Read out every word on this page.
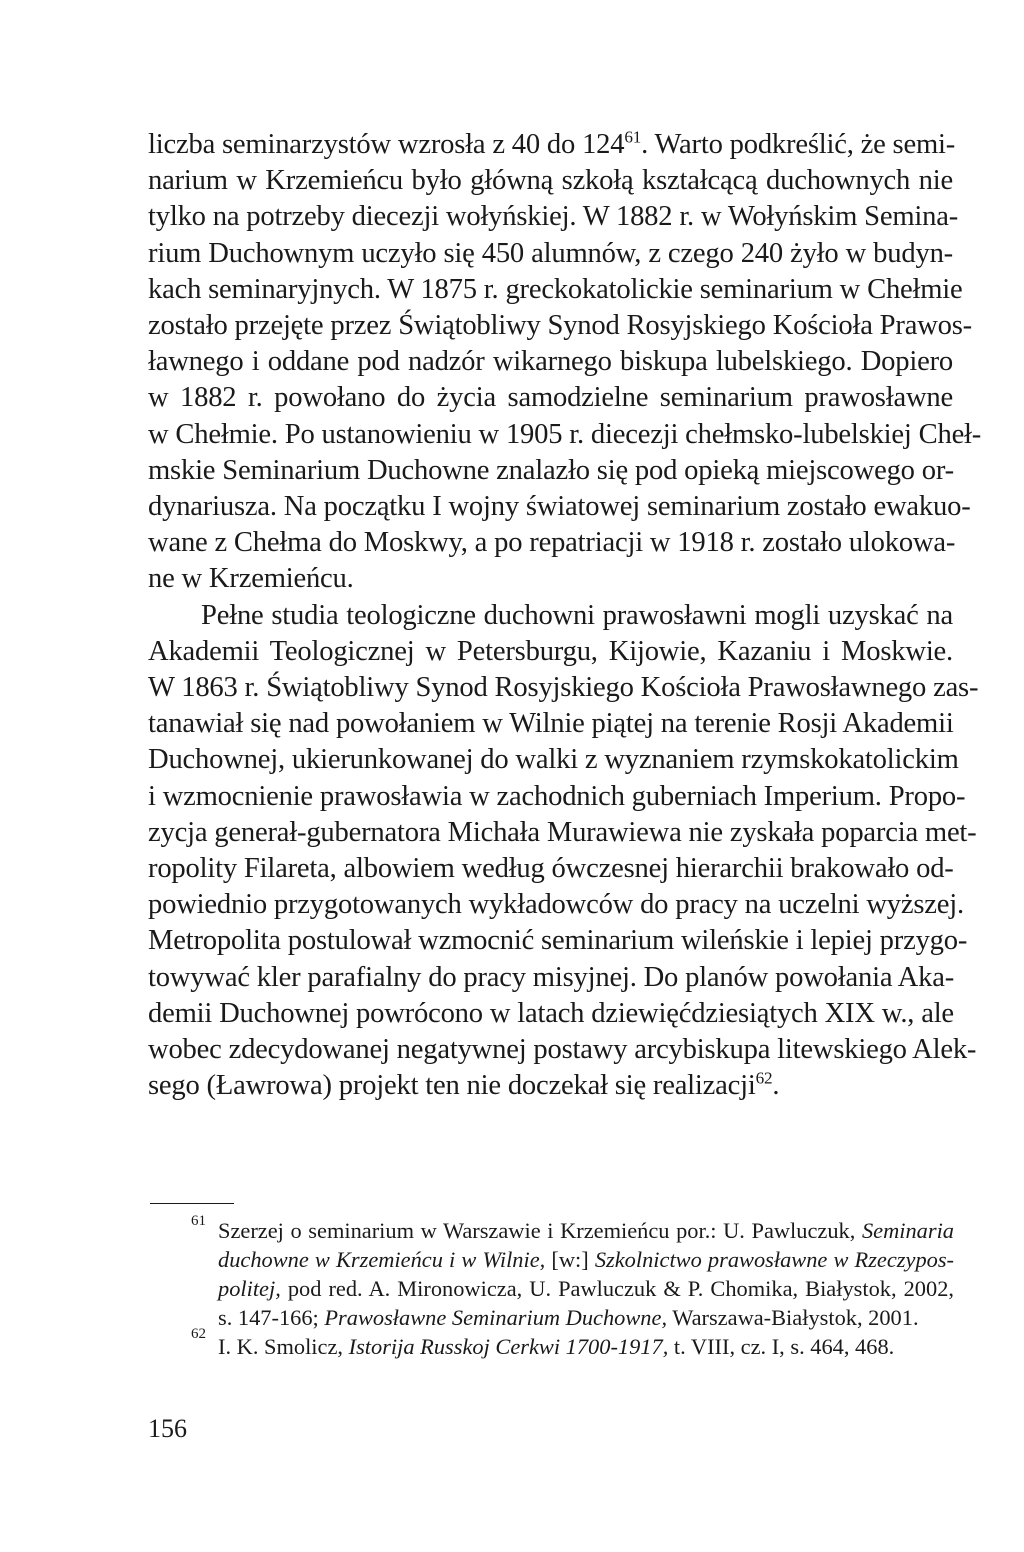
liczba seminarzystów wzrosła z 40 do $124^{61}$. Warto podkreślić, że semi-
narium w Krzemieńcu było główną szkołą kształcącą duchownych nie
tylko na potrzeby diecezji wołyńskiej. W 1882 r. w Wołyńskim Semina-
rium Duchownym uczyło się 450 alumnów, z czego 240 żyło w budyn-
kach seminaryjnych. W 1875 r. greckokatolickie seminarium w Chełmie
zostało przejęte przez Świątobliwy Synod Rosyjskiego Kościoła Prawos-
ławnego i oddane pod nadzór wikarnego biskupa lubelskiego. Dopiero
w 1882 r. powołano do życia samodzielne seminarium prawosławne
w Chełmie. Po ustanowieniu w 1905 r. diecezji chełmsko-lubelskiej Cheł-
mskie Seminarium Duchowne znalazło się pod opieką miejscowego or-
dynariusza. Na początku I wojny światowej seminarium zostało ewakuo-
wane z Chełma do Moskwy, a po repatriacji w 1918 r. zostało ulokowa-
ne w Krzemieńcu.
Pełne studia teologiczne duchowni prawosławni mogli uzyskać na
Akademii Teologicznej w Petersburgu, Kijowie, Kazaniu i Moskwie.
W 1863 r. Świątobliwy Synod Rosyjskiego Kościoła Prawosławnego zas-
tanawiał się nad powołaniem w Wilnie piątej na terenie Rosji Akademii
Duchownej, ukierunkowanej do walki z wyznaniem rzymskokatolickim
i wzmocnienie prawosławia w zachodnich guberniach Imperium. Propo-
zycja generał-gubernatora Michała Murawiewa nie zyskała poparcia met-
ropolity Filareta, albowiem według ówczesnej hierarchii brakowało od-
powiednio przygotowanych wykładowców do pracy na uczelni wyższej.
Metropolita postulował wzmocnić seminarium wileńskie i lepiej przygo-
towywać kler parafialny do pracy misyjnej. Do planów powołania Aka-
demii Duchownej powrócono w latach dziewięćdziesiątych XIX w., ale
wobec zdecydowanej negatywnej postawy arcybiskupa litewskiego Alek-
sego (Ławrowa) projekt ten nie doczekał się realizacji$^{62}$.
61
62
Szerzej o seminarium w Warszawie i Krzemieńcu por.: U. Pawluczuk, Seminaria
duchowne w Krzemieńcu i w Wilnie, [w:] Szkolnictwo prawosławne w Rzeczypos-
politej, pod red. A. Mironowicza, U. Pawluczuk & P. Chomika, Białystok, 2002,
s. 147-166; Prawosławne Seminarium Duchowne, Warszawa-Białystok, 2001.
I. K. Smolicz, Istorija Russkoj Cerkwi 1700-1917, t. VIII, cz. I, s. 464, 468.
156
